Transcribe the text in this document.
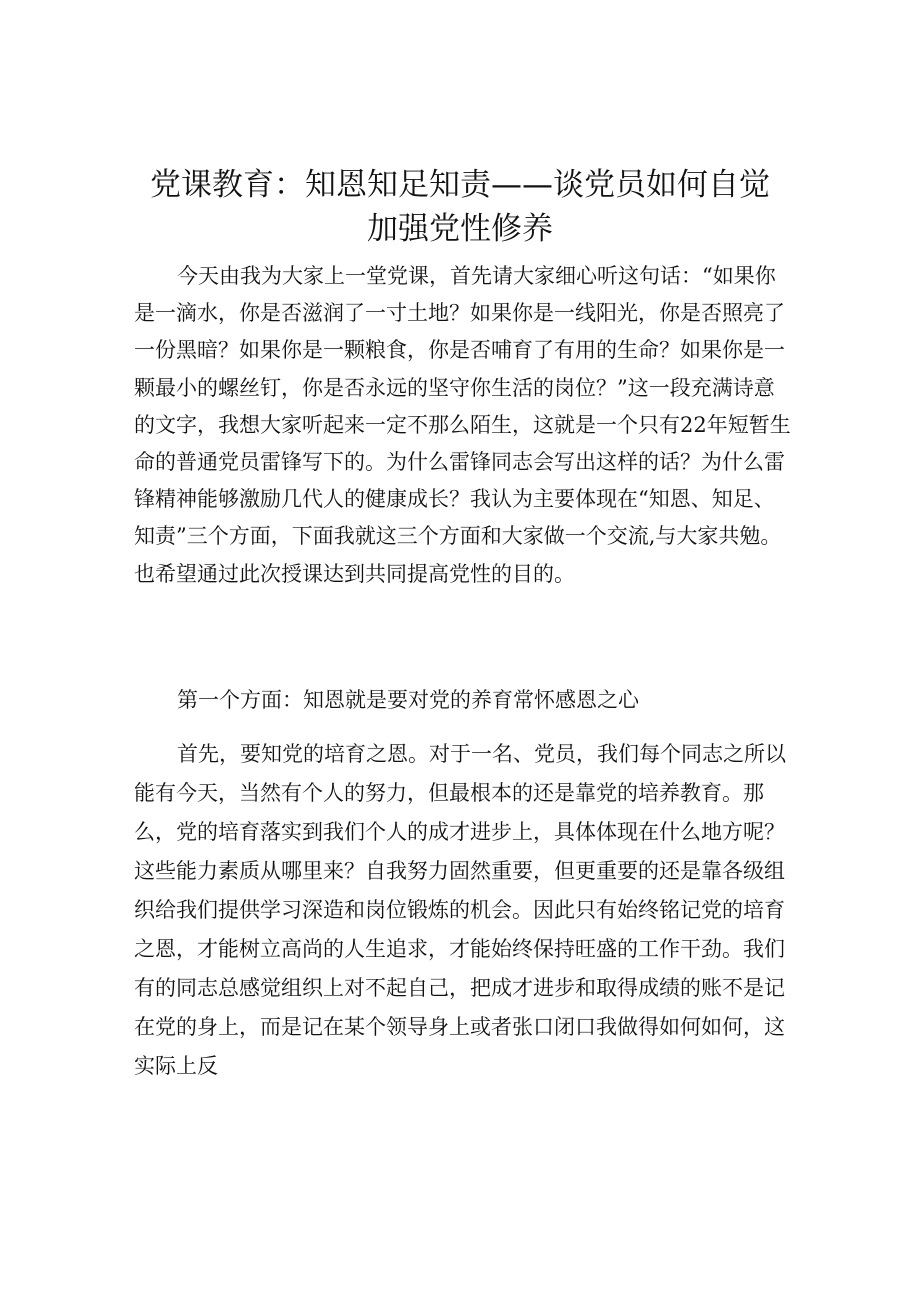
党课教育：知恩知足知责——谈党员如何自觉
加强党性修养

今天由我为大家上一堂党课，首先请大家细心听这句话：“如果你是一滴水，你是否滋润了一寸土地？如果你是一线阳光，你是否照亮了一份黑暗？如果你是一颗粮食，你是否哺育了有用的生命？如果你是一颗最小的螺丝钉，你是否永远的坚守你生活的岗位？”这一段充满诗意的文字，我想大家听起来一定不那么陌生，这就是一个只有22年短暂生命的普通党员雷锋写下的。为什么雷锋同志会写出这样的话？为什么雷锋精神能够激励几代人的健康成长？我认为主要体现在“知恩、知足、知责”三个方面，下面我就这三个方面和大家做一个交流,与大家共勉。也希望通过此次授课达到共同提高党性的目的。

第一个方面：知恩就是要对党的养育常怀感恩之心

首先，要知党的培育之恩。对于一名、党员，我们每个同志之所以能有今天，当然有个人的努力，但最根本的还是靠党的培养教育。那么，党的培育落实到我们个人的成才进步上，具体体现在什么地方呢？这些能力素质从哪里来？自我努力固然重要，但更重要的还是靠各级组织给我们提供学习深造和岗位锻炼的机会。因此只有始终铭记党的培育之恩，才能树立高尚的人生追求，才能始终保持旺盛的工作干劲。我们有的同志总感觉组织上对不起自己，把成才进步和取得成绩的账不是记在党的身上，而是记在某个领导身上或者张口闭口我做得如何如何，这实际上反
